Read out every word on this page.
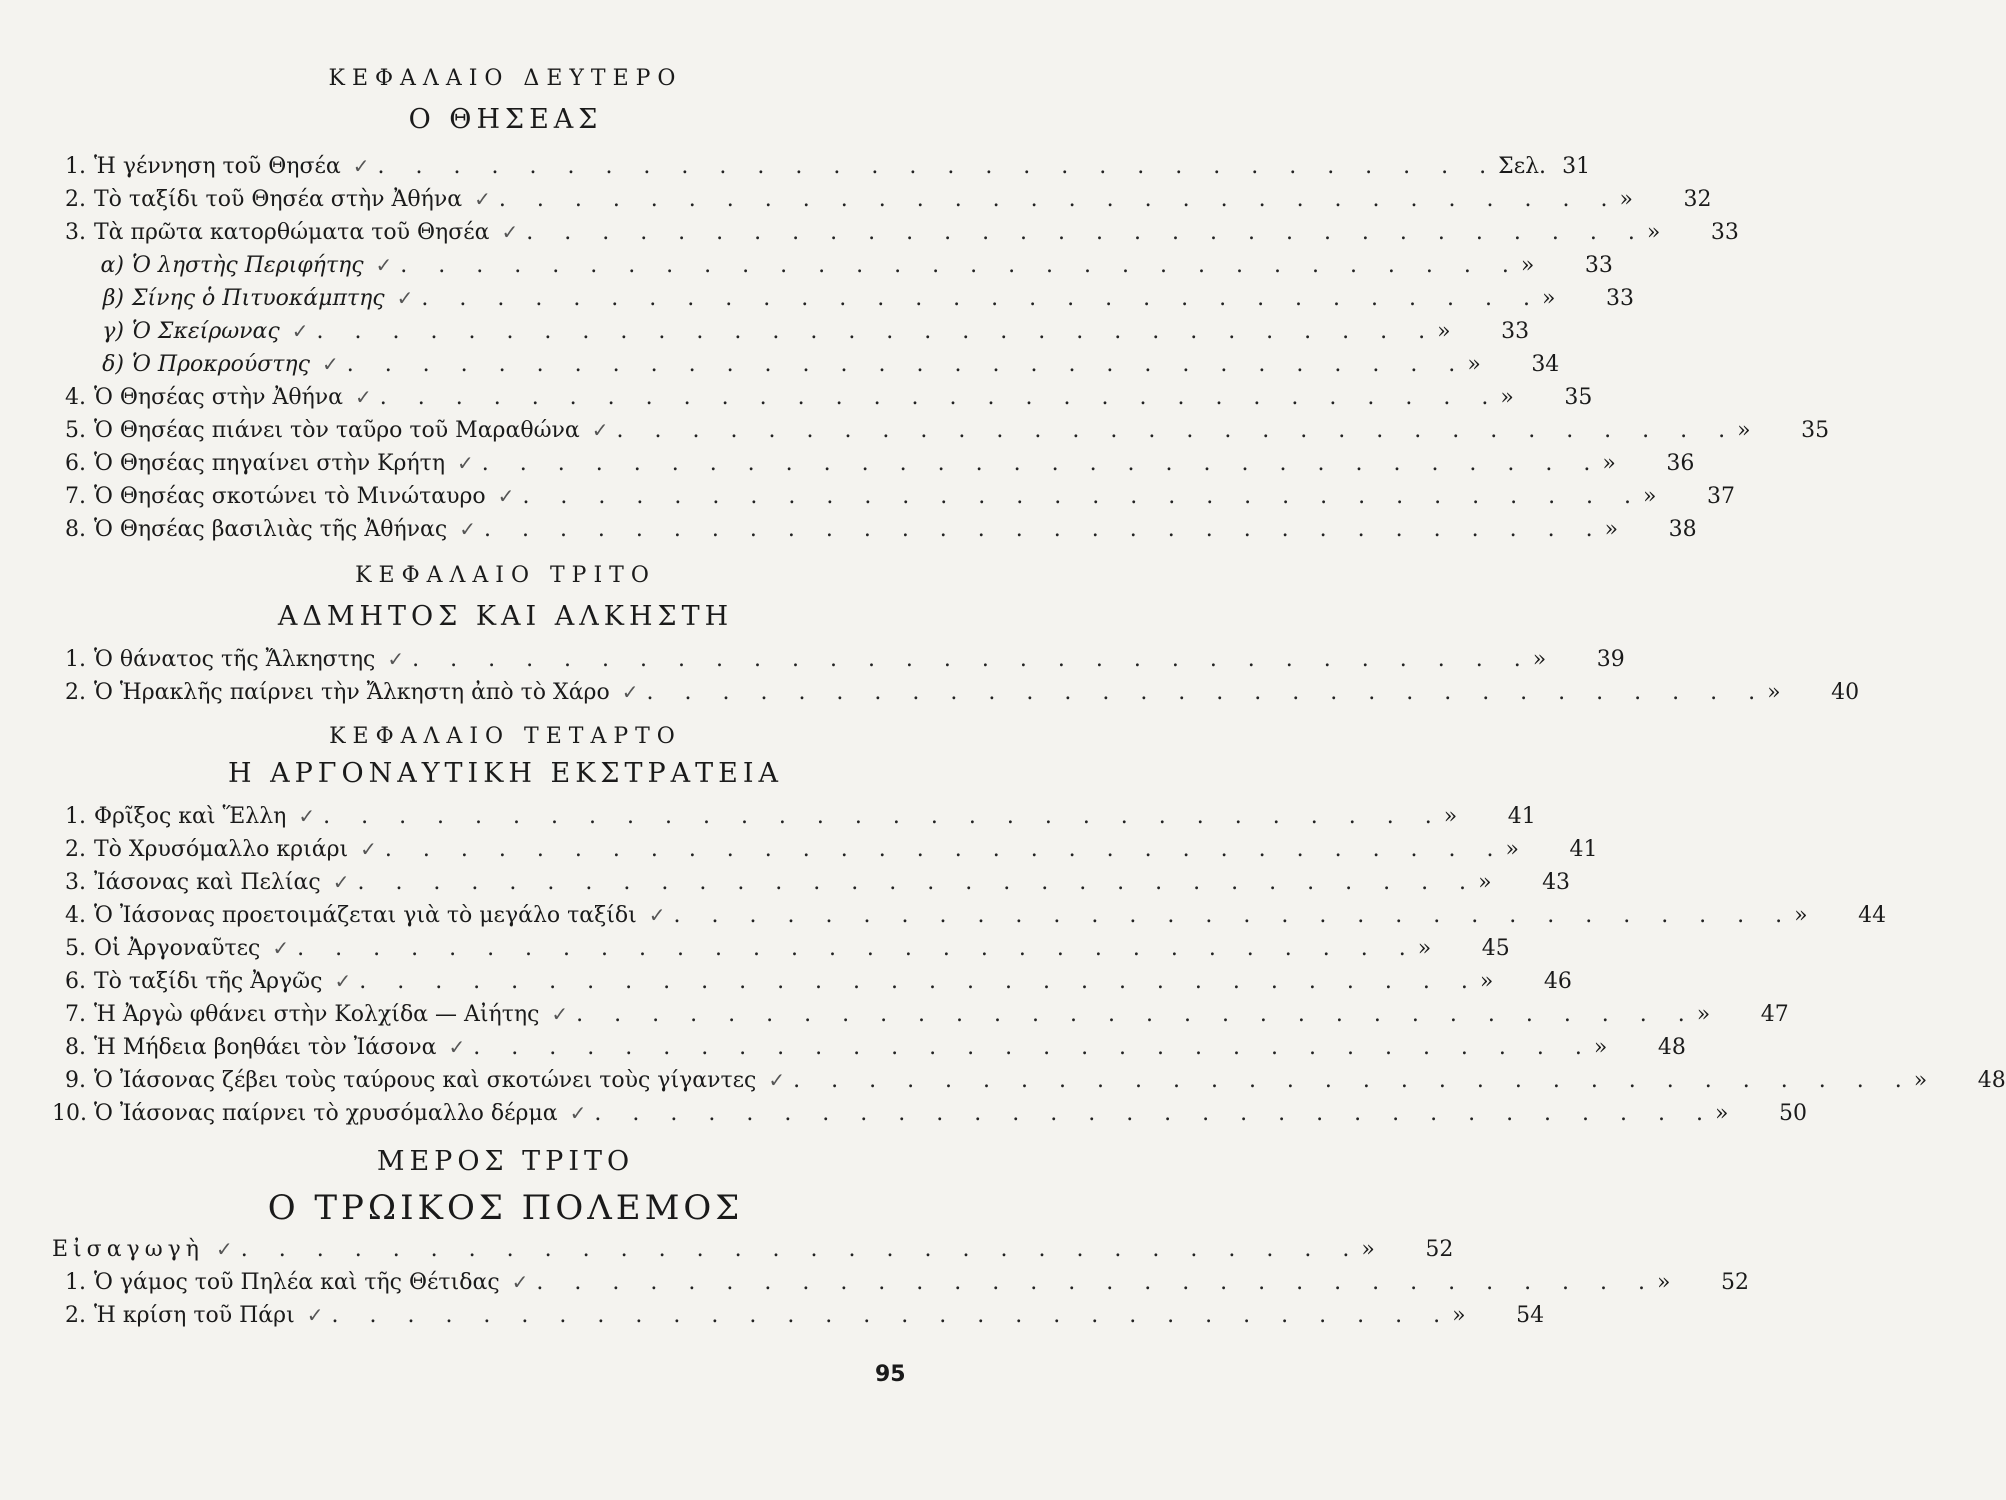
ΚΕΦΑΛΑΙΟ ΔΕΥΤΕΡΟ
Ο ΘΗΣΕΑΣ
1. Ἡ γέννηση τοῦ Θησέα ✓ . . . . . . . . . . . . . . . . . . . . . . . . . . . . . . Σελ. 31
2. Τὸ ταξίδι τοῦ Θησέα στὴν Ἀθήνα ✓ . . . . . . . . . . . . . . . . . . . . . . . . . . . . . . »	32
3. Τὰ πρῶτα κατορθώματα τοῦ Θησέα ✓ . . . . . . . . . . . . . . . . . . . . . . . . . . . . . . »	33
α) Ὁ ληστὴς Περιφήτης ✓ . . . . . . . . . . . . . . . . . . . . . . . . . . . . . . »	33
β) Σίνης ὁ Πιτυοκάμπτης ✓ . . . . . . . . . . . . . . . . . . . . . . . . . . . . . . »	33
γ) Ὁ Σκείρωνας ✓ . . . . . . . . . . . . . . . . . . . . . . . . . . . . . . »	33
δ) Ὁ Προκρούστης ✓ . . . . . . . . . . . . . . . . . . . . . . . . . . . . . . »	34
4. Ὁ Θησέας στὴν Ἀθήνα ✓ . . . . . . . . . . . . . . . . . . . . . . . . . . . . . . »	35
5. Ὁ Θησέας πιάνει τὸν ταῦρο τοῦ Μαραθώνα ✓ . . . . . . . . . . . . . . . . . . . . . . . . . . . . . . »	35
6. Ὁ Θησέας πηγαίνει στὴν Κρήτη ✓ . . . . . . . . . . . . . . . . . . . . . . . . . . . . . . »	36
7. Ὁ Θησέας σκοτώνει τὸ Μινώταυρο ✓ . . . . . . . . . . . . . . . . . . . . . . . . . . . . . . »	37
8. Ὁ Θησέας βασιλιὰς τῆς Ἀθήνας ✓ . . . . . . . . . . . . . . . . . . . . . . . . . . . . . . »	38
ΚΕΦΑΛΑΙΟ ΤΡΙΤΟ
ΑΔΜΗΤΟΣ ΚΑΙ ΑΛΚΗΣΤΗ
1. Ὁ θάνατος τῆς Ἄλκηστης ✓ . . . . . . . . . . . . . . . . . . . . . . . . . . . . . . »	39
2. Ὁ Ἡρακλῆς παίρνει τὴν Ἄλκηστη ἀπὸ τὸ Χάρο ✓ . . . . . . . . . . . . . . . . . . . . . . . . . . . . . . »	40
ΚΕΦΑΛΑΙΟ ΤΕΤΑΡΤΟ
Η ΑΡΓΟΝΑΥΤΙΚΗ ΕΚΣΤΡΑΤΕΙΑ
1. Φρῖξος καὶ Ἕλλη ✓ . . . . . . . . . . . . . . . . . . . . . . . . . . . . . . »	41
2. Τὸ Χρυσόμαλλο κριάρι ✓ . . . . . . . . . . . . . . . . . . . . . . . . . . . . . . »	41
3. Ἰάσονας καὶ Πελίας ✓ . . . . . . . . . . . . . . . . . . . . . . . . . . . . . . »	43
4. Ὁ Ἰάσονας προετοιμάζεται γιὰ τὸ μεγάλο ταξίδι ✓ . . . . . . . . . . . . . . . . . . . . . . . . . . . . . . »	44
5. Οἱ Ἀργοναῦτες ✓ . . . . . . . . . . . . . . . . . . . . . . . . . . . . . . »	45
6. Τὸ ταξίδι τῆς Ἀργῶς ✓ . . . . . . . . . . . . . . . . . . . . . . . . . . . . . . »	46
7. Ἡ Ἀργὼ φθάνει στὴν Κολχίδα — Αἰήτης ✓ . . . . . . . . . . . . . . . . . . . . . . . . . . . . . . »	47
8. Ἡ Μήδεια βοηθάει τὸν Ἰάσονα ✓ . . . . . . . . . . . . . . . . . . . . . . . . . . . . . . »	48
9. Ὁ Ἰάσονας ζέβει τοὺς ταύρους καὶ σκοτώνει τοὺς γίγαντες ✓ . . . . . . . . . . . . . . . . . . . . . . . . . . . . . . »	48
10. Ὁ Ἰάσονας παίρνει τὸ χρυσόμαλλο δέρμα ✓ . . . . . . . . . . . . . . . . . . . . . . . . . . . . . . »	50
ΜΕΡΟΣ ΤΡΙΤΟ
Ο ΤΡΩΙΚΟΣ ΠΟΛΕΜΟΣ
Εἰσαγωγὴ ✓ . . . . . . . . . . . . . . . . . . . . . . . . . . . . . . »	52
1. Ὁ γάμος τοῦ Πηλέα καὶ τῆς Θέτιδας ✓ . . . . . . . . . . . . . . . . . . . . . . . . . . . . . . »	52
2. Ἡ κρίση τοῦ Πάρι ✓ . . . . . . . . . . . . . . . . . . . . . . . . . . . . . . »	54
95
